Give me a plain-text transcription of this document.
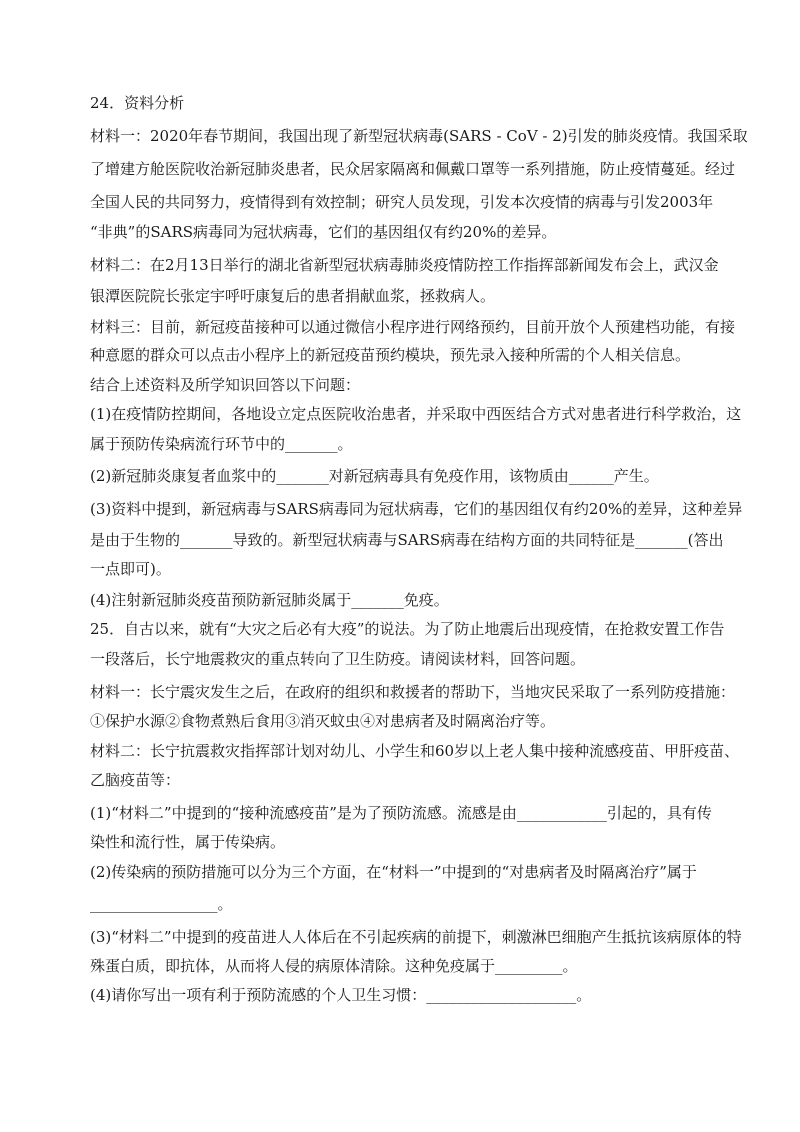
24．资料分析
材料一：2020年春节期间，我国出现了新型冠状病毒(SARS - CoV - 2)引发的肺炎疫情。我国采取
了增建方舱医院收治新冠肺炎患者，民众居家隔离和佩戴口罩等一系列措施，防止疫情蔓延。经过
全国人民的共同努力，疫情得到有效控制；研究人员发现，引发本次疫情的病毒与引发2003年
“非典”的SARS病毒同为冠状病毒，它们的基因组仅有约20%的差异。
材料二：在2月13日举行的湖北省新型冠状病毒肺炎疫情防控工作指挥部新闻发布会上，武汉金
银潭医院院长张定宇呼吁康复后的患者捐献血浆，拯救病人。
材料三：目前，新冠疫苗接种可以通过微信小程序进行网络预约，目前开放个人预建档功能，有接
种意愿的群众可以点击小程序上的新冠疫苗预约模块，预先录入接种所需的个人相关信息。
结合上述资料及所学知识回答以下问题：
(1)在疫情防控期间，各地设立定点医院收治患者，并采取中西医结合方式对患者进行科学救治，这
属于预防传染病流行环节中的_______。
(2)新冠肺炎康复者血浆中的_______对新冠病毒具有免疫作用，该物质由______产生。
(3)资料中提到，新冠病毒与SARS病毒同为冠状病毒，它们的基因组仅有约20%的差异，这种差异
是由于生物的_______导致的。新型冠状病毒与SARS病毒在结构方面的共同特征是_______(答出
一点即可)。
(4)注射新冠肺炎疫苗预防新冠肺炎属于_______免疫。
25．自古以来，就有“大灾之后必有大疫”的说法。为了防止地震后出现疫情，在抢救安置工作告
一段落后，长宁地震救灾的重点转向了卫生防疫。请阅读材料，回答问题。
材料一：长宁震灾发生之后，在政府的组织和救援者的帮助下，当地灾民采取了一系列防疫措施：
①保护水源②食物煮熟后食用③消灭蚊虫④对患病者及时隔离治疗等。
材料二：长宁抗震救灾指挥部计划对幼儿、小学生和60岁以上老人集中接种流感疫苗、甲肝疫苗、
乙脑疫苗等：
(1)“材料二”中提到的“接种流感疫苗”是为了预防流感。流感是由____________引起的，具有传
染性和流行性，属于传染病。
(2)传染病的预防措施可以分为三个方面，在“材料一”中提到的“对患病者及时隔离治疗”属于
_________________。
(3)“材料二”中提到的疫苗进人人体后在不引起疾病的前提下，刺激淋巴细胞产生抵抗该病原体的特
殊蛋白质，即抗体，从而将人侵的病原体清除。这种免疫属于_________。
(4)请你写出一项有利于预防流感的个人卫生习惯：____________________。
